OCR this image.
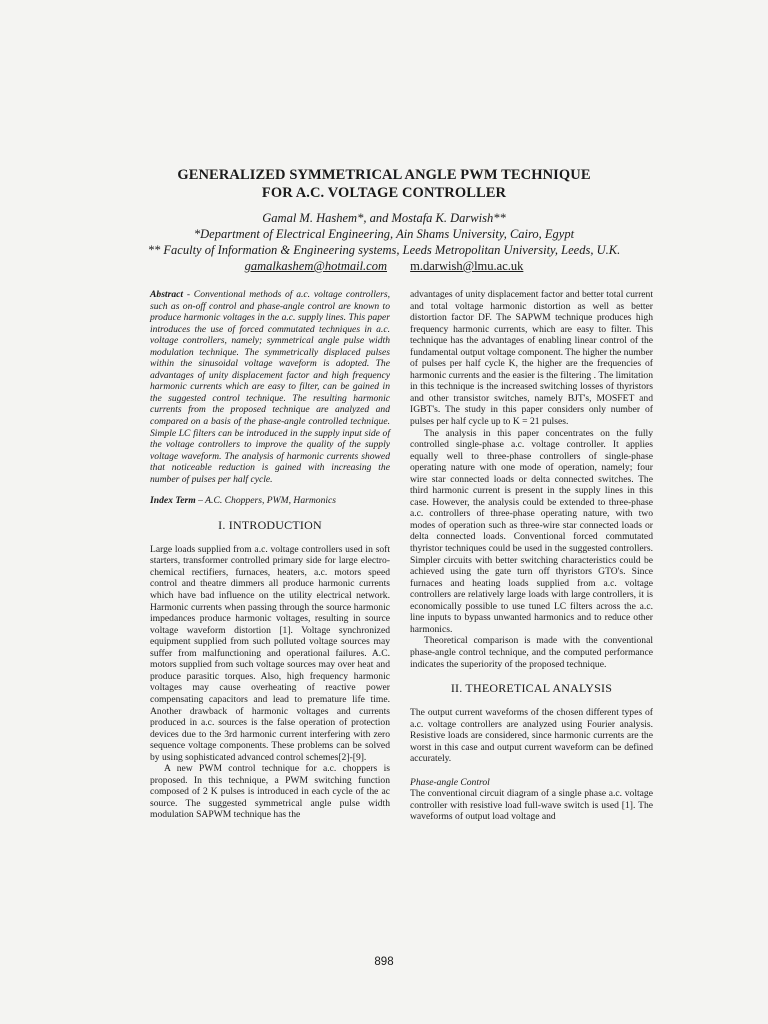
GENERALIZED SYMMETRICAL ANGLE PWM TECHNIQUE
FOR A.C. VOLTAGE CONTROLLER
Gamal M. Hashem*, and Mostafa K. Darwish**
*Department of Electrical Engineering, Ain Shams University, Cairo, Egypt
** Faculty of Information & Engineering systems, Leeds Metropolitan University, Leeds, U.K.
gamalkashem@hotmail.com m.darwish@lmu.ac.uk

Abstract - Conventional methods of a.c. voltage controllers, such as on-off control and phase-angle control are known to produce harmonic voltages in the a.c. supply lines. This paper introduces the use of forced commutated techniques in a.c. voltage controllers, namely; symmetrical angle pulse width modulation technique. The symmetrically displaced pulses within the sinusoidal voltage waveform is adopted. The advantages of unity displacement factor and high frequency harmonic currents which are easy to filter, can be gained in the suggested control technique. The resulting harmonic currents from the proposed technique are analyzed and compared on a basis of the phase-angle controlled technique. Simple LC filters can be introduced in the supply input side of the voltage controllers to improve the quality of the supply voltage waveform. The analysis of harmonic currents showed that noticeable reduction is gained with increasing the number of pulses per half cycle.

Index Term – A.C. Choppers, PWM, Harmonics

I. INTRODUCTION

Large loads supplied from a.c. voltage controllers used in soft starters, transformer controlled primary side for large electro-chemical rectifiers, furnaces, heaters, a.c. motors speed control and theatre dimmers all produce harmonic currents which have bad influence on the utility electrical network. Harmonic currents when passing through the source harmonic impedances produce harmonic voltages, resulting in source voltage waveform distortion [1]. Voltage synchronized equipment supplied from such polluted voltage sources may suffer from malfunctioning and operational failures. A.C. motors supplied from such voltage sources may over heat and produce parasitic torques. Also, high frequency harmonic voltages may cause overheating of reactive power compensating capacitors and lead to premature life time. Another drawback of harmonic voltages and currents produced in a.c. sources is the false operation of protection devices due to the 3rd harmonic current interfering with zero sequence voltage components. These problems can be solved by using sophisticated advanced control schemes[2]-[9].

A new PWM control technique for a.c. choppers is proposed. In this technique, a PWM switching function composed of 2 K pulses is introduced in each cycle of the ac source. The suggested symmetrical angle pulse width modulation SAPWM technique has the

advantages of unity displacement factor and better total current and total voltage harmonic distortion as well as better distortion factor DF. The SAPWM technique produces high frequency harmonic currents, which are easy to filter. This technique has the advantages of enabling linear control of the fundamental output voltage component. The higher the number of pulses per half cycle K, the higher are the frequencies of harmonic currents and the easier is the filtering . The limitation in this technique is the increased switching losses of thyristors and other transistor switches, namely BJT's, MOSFET and IGBT's. The study in this paper considers only number of pulses per half cycle up to K = 21 pulses.

The analysis in this paper concentrates on the fully controlled single-phase a.c. voltage controller. It applies equally well to three-phase controllers of single-phase operating nature with one mode of operation, namely; four wire star connected loads or delta connected switches. The third harmonic current is present in the supply lines in this case. However, the analysis could be extended to three-phase a.c. controllers of three-phase operating nature, with two modes of operation such as three-wire star connected loads or delta connected loads. Conventional forced commutated thyristor techniques could be used in the suggested controllers. Simpler circuits with better switching characteristics could be achieved using the gate turn off thyristors GTO's. Since furnaces and heating loads supplied from a.c. voltage controllers are relatively large loads with large controllers, it is economically possible to use tuned LC filters across the a.c. line inputs to bypass unwanted harmonics and to reduce other harmonics.

Theoretical comparison is made with the conventional phase-angle control technique, and the computed performance indicates the superiority of the proposed technique.

II. THEORETICAL ANALYSIS

The output current waveforms of the chosen different types of a.c. voltage controllers are analyzed using Fourier analysis. Resistive loads are considered, since harmonic currents are the worst in this case and output current waveform can be defined accurately.

Phase-angle Control

The conventional circuit diagram of a single phase a.c. voltage controller with resistive load full-wave switch is used [1]. The waveforms of output load voltage and

898
